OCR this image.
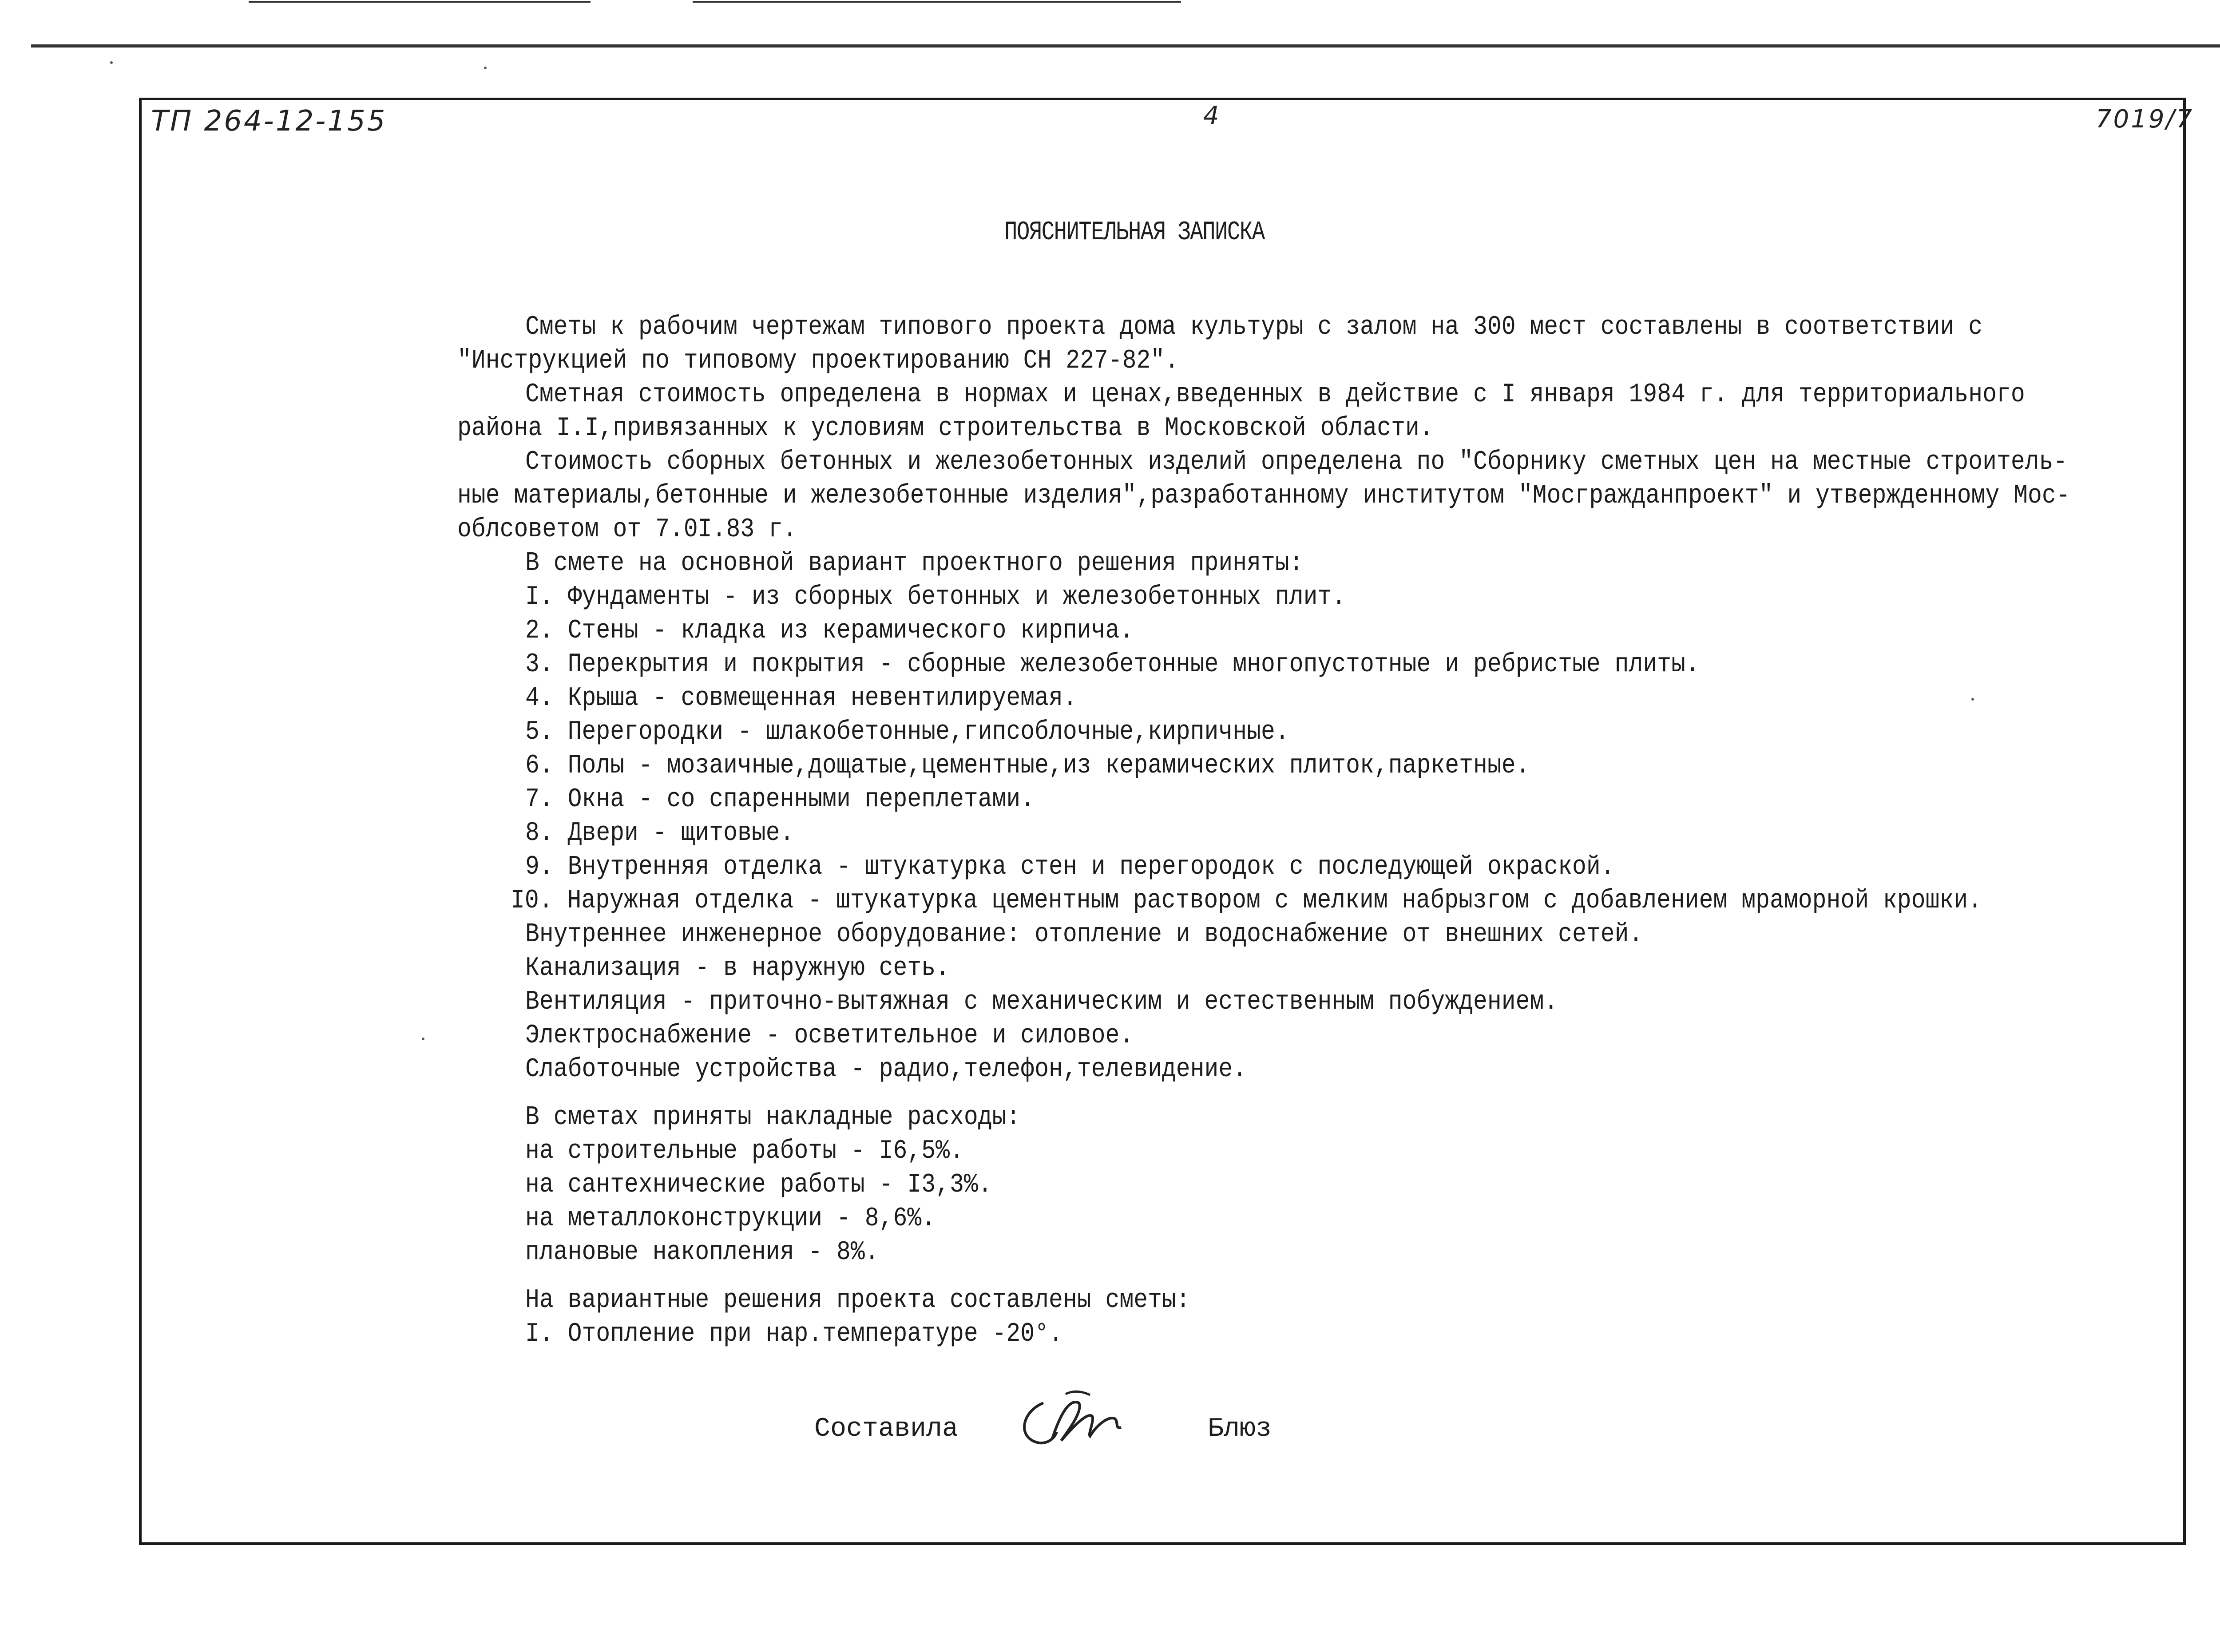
ТП 264-12-155	4	7019/7
ПОЯСНИТЕЛЬНАЯ ЗАПИСКА
Сметы к рабочим чертежам типового проекта дома культуры с залом на 300 мест составлены в соответствии с
"Инструкцией по типовому проектированию СН 227-82".
Сметная стоимость определена в нормах и ценах,введенных в действие с I января 1984 г. для территориального
района I.I,привязанных к условиям строительства в Московской области.
Стоимость сборных бетонных и железобетонных изделий определена по "Сборнику сметных цен на местные строитель-
ные материалы,бетонные и железобетонные изделия",разработанному институтом "Мосгражданпроект" и утвержденному Мос-
облсоветом от 7.0I.83 г.
В смете на основной вариант проектного решения приняты:
I. Фундаменты - из сборных бетонных и железобетонных плит.
2. Стены - кладка из керамического кирпича.
3. Перекрытия и покрытия - сборные железобетонные многопустотные и ребристые плиты.
4. Крыша - совмещенная невентилируемая.
5. Перегородки - шлакобетонные,гипсоблочные,кирпичные.
6. Полы - мозаичные,дощатые,цементные,из керамических плиток,паркетные.
7. Окна - со спаренными переплетами.
8. Двери - щитовые.
9. Внутренняя отделка - штукатурка стен и перегородок с последующей окраской.
I0. Наружная отделка - штукатурка цементным раствором с мелким набрызгом с добавлением мраморной крошки.
Внутреннее инженерное оборудование: отопление и водоснабжение от внешних сетей.
Канализация - в наружную сеть.
Вентиляция - приточно-вытяжная с механическим и естественным побуждением.
Электроснабжение - осветительное и силовое.
Слаботочные устройства - радио,телефон,телевидение.
В сметах приняты накладные расходы:
на строительные работы - I6,5%.
на сантехнические работы - I3,3%.
на металлоконструкции - 8,6%.
плановые накопления - 8%.
На вариантные решения проекта составлены сметы:
I. Отопление при нар.температуре -20°.
Составила	Блюз
